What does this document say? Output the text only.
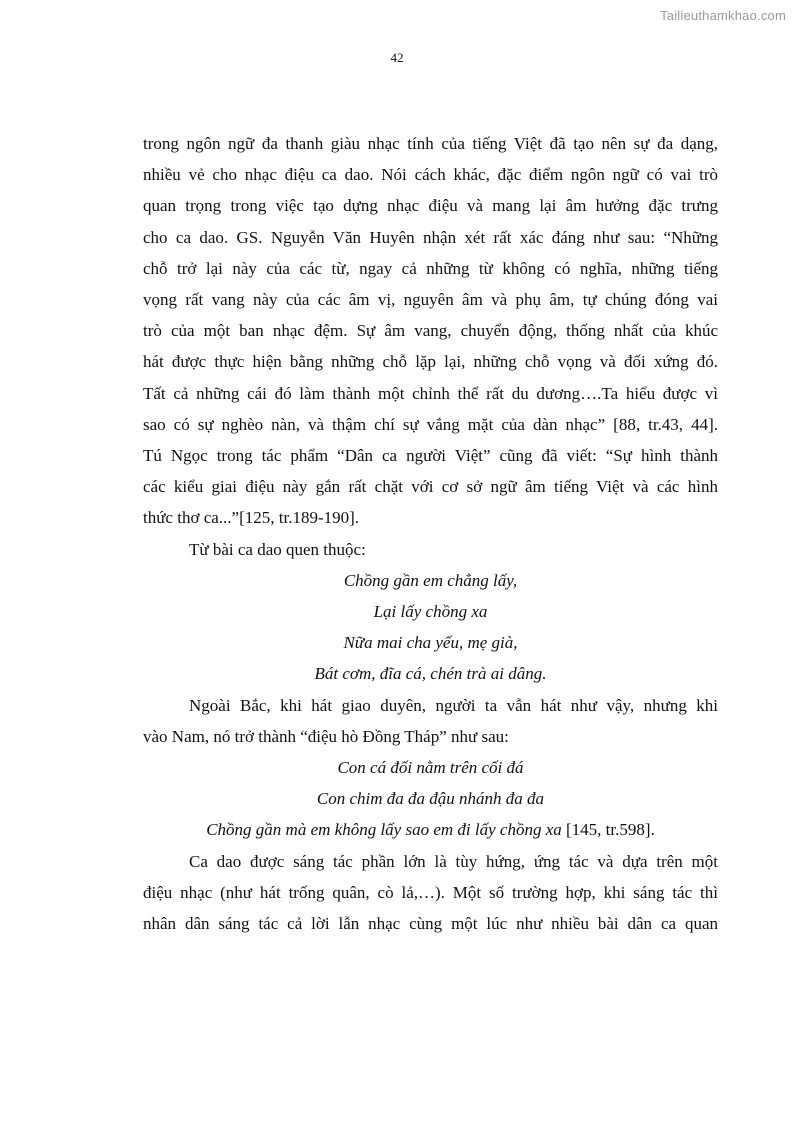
Tailieuthamkhao.com
42

trong ngôn ngữ đa thanh giàu nhạc tính của tiếng Việt đã tạo nên sự đa dạng,

nhiều vẻ cho nhạc điệu ca dao. Nói cách khác, đặc điểm ngôn ngữ có vai trò

quan trọng trong việc tạo dựng nhạc điệu và mang lại âm hưởng đặc trưng

cho ca dao. GS. Nguyễn Văn Huyên nhận xét rất xác đáng như sau: “Những

chỗ trở lại này của các từ, ngay cả những từ không có nghĩa, những tiếng

vọng rất vang này của các âm vị, nguyên âm và phụ âm, tự chúng đóng vai

trò của một ban nhạc đệm. Sự âm vang, chuyển động, thống nhất của khúc

hát được thực hiện bằng những chỗ lặp lại, những chỗ vọng và đối xứng đó.

Tất cả những cái đó làm thành một chỉnh thể rất du dương….Ta hiểu được vì

sao có sự nghèo nàn, và thậm chí sự vắng mặt của dàn nhạc” [88, tr.43, 44].

Tú Ngọc trong tác phẩm “Dân ca người Việt” cũng đã viết: “Sự hình thành

các kiểu giai điệu này gắn rất chặt với cơ sở ngữ âm tiếng Việt và các hình

thức thơ ca...”[125, tr.189-190].

Từ bài ca dao quen thuộc:

Chồng gần em chẳng lấy,
Lại lấy chồng xa
Nữa mai cha yếu, mẹ già,
Bát cơm, đĩa cá, chén trà ai dâng.

Ngoài Bắc, khi hát giao duyên, người ta vẫn hát như vậy, nhưng khi

vào Nam, nó trở thành “điệu hò Đồng Tháp” như sau:

Con cá đối nằm trên cối đá
Con chim đa đa đậu nhánh đa đa
Chồng gần mà em không lấy sao em đi lấy chồng xa [145, tr.598].

Ca dao được sáng tác phần lớn là tùy hứng, ứng tác và dựa trên một

điệu nhạc (như hát trống quân, cò lả,…). Một số trường hợp, khi sáng tác thì

nhân dân sáng tác cả lời lẫn nhạc cùng một lúc như nhiều bài dân ca quan
